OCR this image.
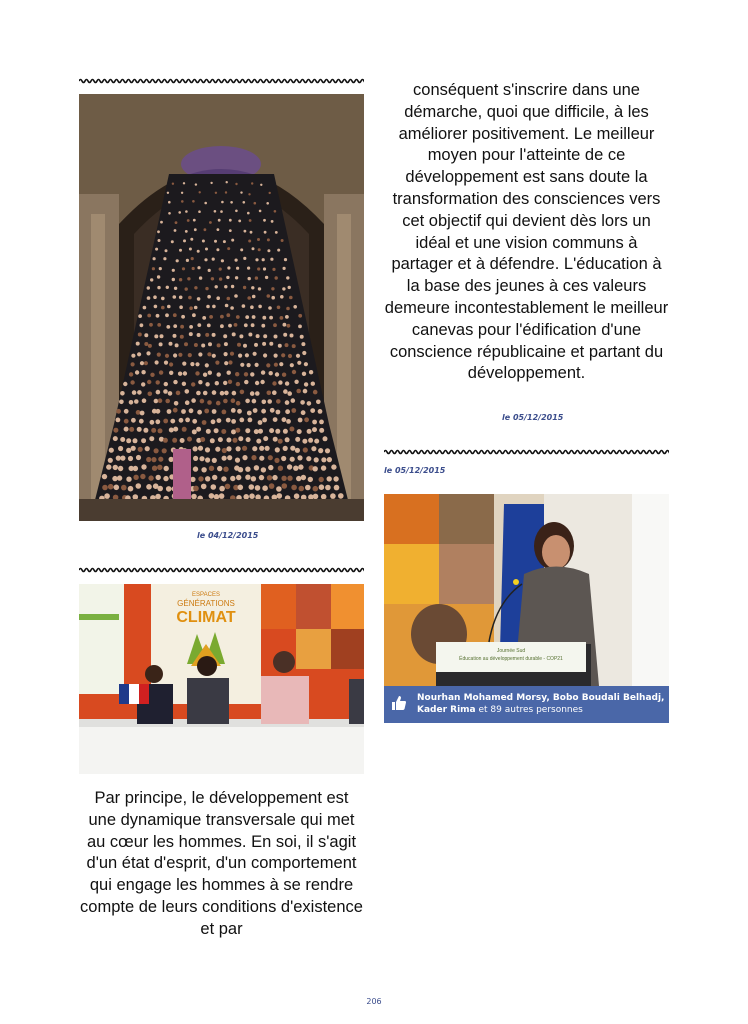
le 04/12/2015
ESPACES
GÉNÉRATIONS
CLIMAT
Par principe, le développement est une dynamique transversale qui met au cœur les hommes. En soi, il s'agit d'un état d'esprit, d'un comportement qui engage les hommes à se rendre compte de leurs conditions d'existence et par
conséquent s'inscrire dans une démarche, quoi que difficile, à les améliorer positivement. Le meilleur moyen pour l'atteinte de ce développement est sans doute la transformation des consciences vers cet objectif qui devient dès lors un idéal et une vision communs à partager et à défendre. L'éducation à la base des jeunes à ces valeurs demeure incontestablement le meilleur canevas pour l'édification d'une conscience républicaine et partant du développement.
le 05/12/2015
le 05/12/2015
Journée Sud
Éducation au développement durable - COP21
Nourhan Mohamed Morsy, Bobo Boudali Belhadj, Kader Rima et 89 autres personnes
206
